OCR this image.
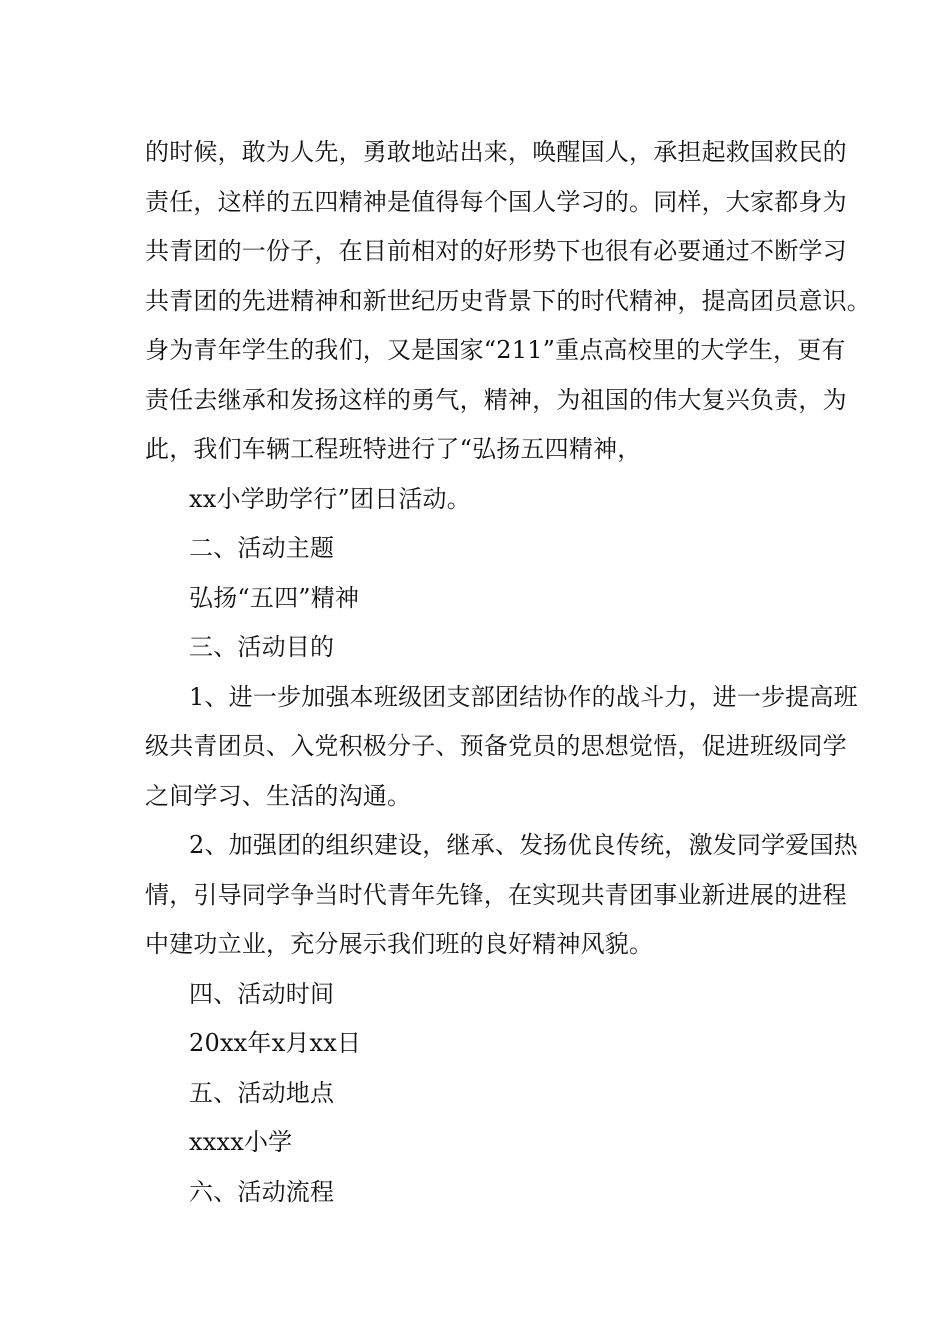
的时候，敢为人先，勇敢地站出来，唤醒国人，承担起救国救民的
责任，这样的五四精神是值得每个国人学习的。同样，大家都身为
共青团的一份子，在目前相对的好形势下也很有必要通过不断学习
共青团的先进精神和新世纪历史背景下的时代精神，提高团员意识。
身为青年学生的我们，又是国家“211”重点高校里的大学生，更有
责任去继承和发扬这样的勇气，精神，为祖国的伟大复兴负责，为
此，我们车辆工程班特进行了“弘扬五四精神，
xx小学助学行”团日活动。
二、活动主题
弘扬“五四”精神
三、活动目的
1、进一步加强本班级团支部团结协作的战斗力，进一步提高班
级共青团员、入党积极分子、预备党员的思想觉悟，促进班级同学
之间学习、生活的沟通。
2、加强团的组织建设，继承、发扬优良传统，激发同学爱国热
情，引导同学争当时代青年先锋，在实现共青团事业新进展的进程
中建功立业，充分展示我们班的良好精神风貌。
四、活动时间
20xx年x月xx日
五、活动地点
xxxx小学
六、活动流程
